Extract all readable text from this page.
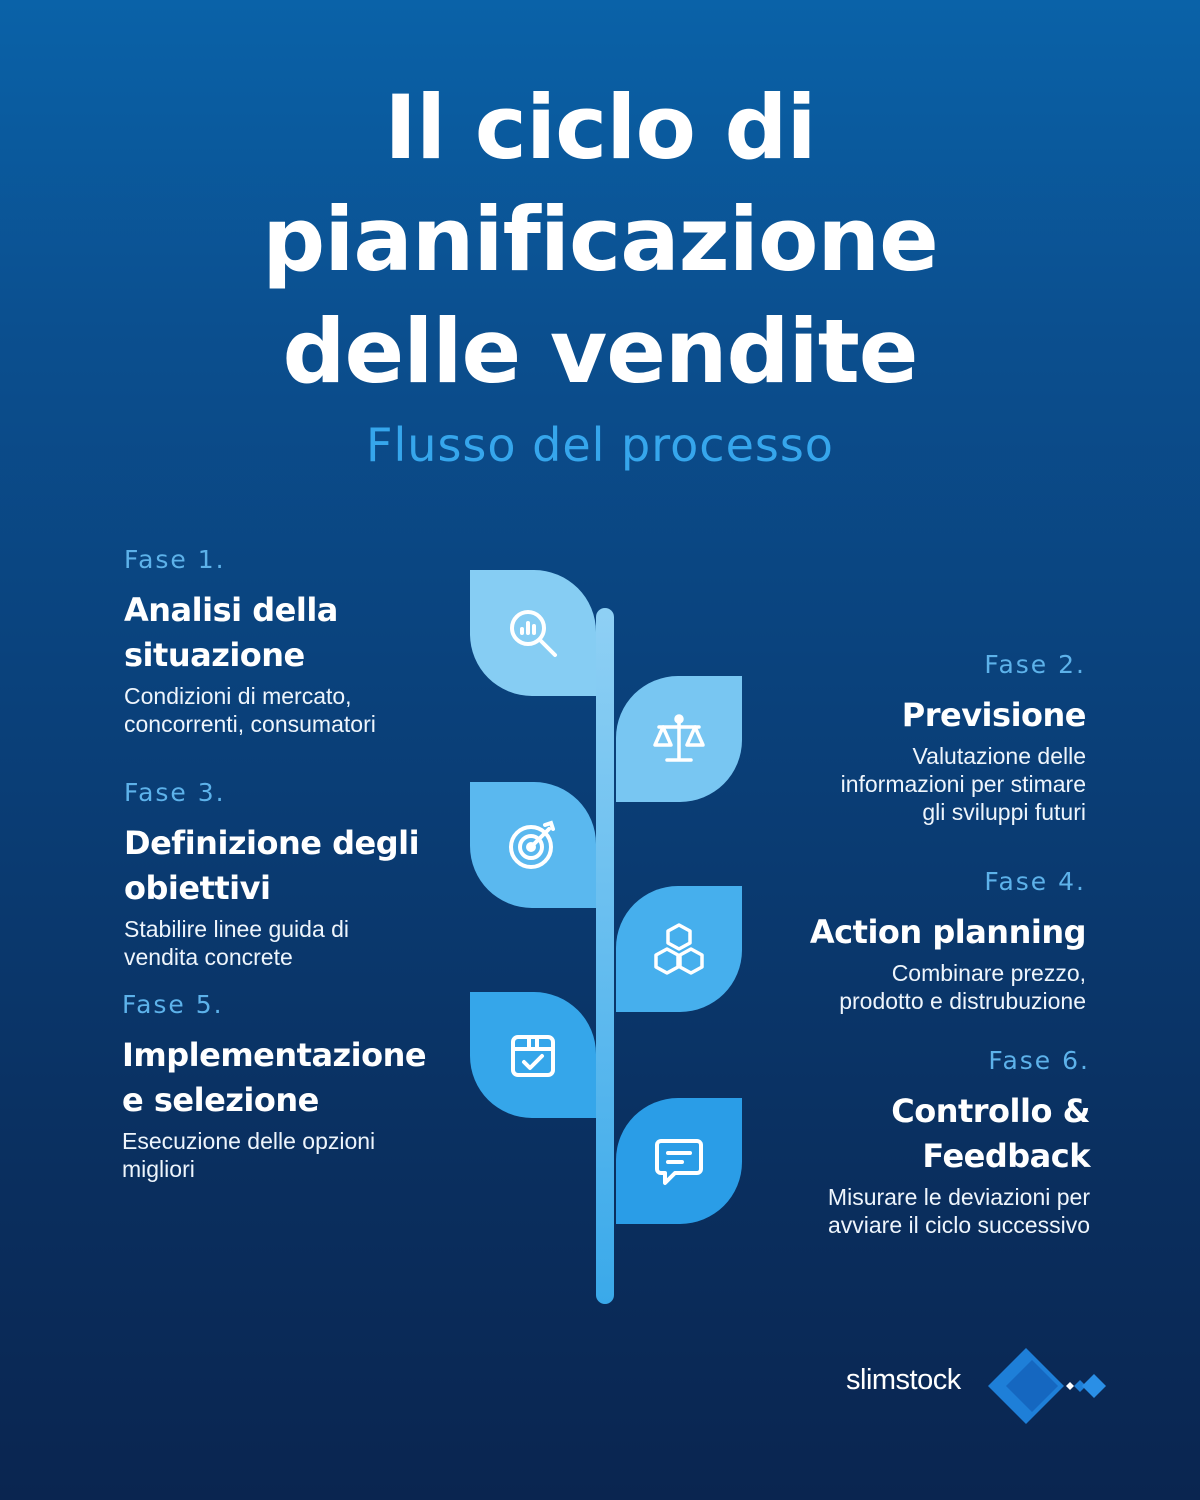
Il ciclo di
pianificazione
delle vendite
Flusso del processo
Fase 1.
Analisi della
situazione
Condizioni di mercato,
concorrenti, consumatori
Fase 2.
Previsione
Valutazione delle
informazioni per stimare
gli sviluppi futuri
Fase 3.
Definizione degli
obiettivi
Stabilire linee guida di
vendita concrete
Fase 4.
Action planning
Combinare prezzo,
prodotto e distrubuzione
Fase 5.
Implementazione
e selezione
Esecuzione delle opzioni
migliori
Fase 6.
Controllo &
Feedback
Misurare le deviazioni per
avviare il ciclo successivo
slimstock
